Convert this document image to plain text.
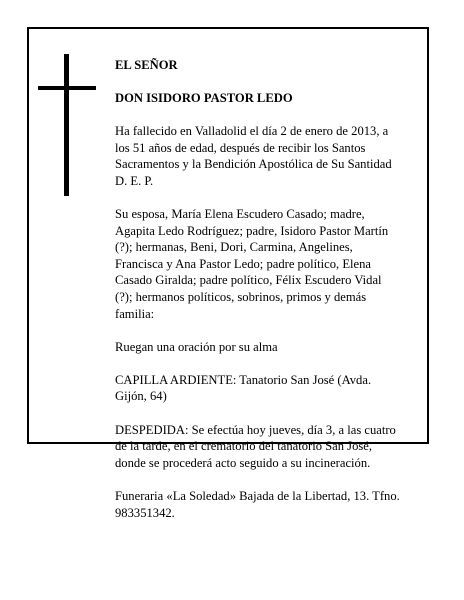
EL SEÑOR

DON ISIDORO PASTOR LEDO

Ha fallecido en Valladolid el día 2 de enero de 2013, a
los 51 años de edad, después de recibir los Santos
Sacramentos y la Bendición Apostólica de Su Santidad
D. E. P.

Su esposa, María Elena Escudero Casado; madre,
Agapita Ledo Rodríguez; padre, Isidoro Pastor Martín
(?); hermanas, Beni, Dori, Carmina, Angelines,
Francisca y Ana Pastor Ledo; padre político, Elena
Casado Giralda; padre político, Félix Escudero Vidal
(?); hermanos políticos, sobrinos, primos y demás
familia:

Ruegan una oración por su alma

CAPILLA ARDIENTE: Tanatorio San José (Avda.
Gijón, 64)

DESPEDIDA: Se efectúa hoy jueves, día 3, a las cuatro
de la tarde, en el crematorio del tanatorio San José,
donde se procederá acto seguido a su incineración.

Funeraria «La Soledad» Bajada de la Libertad, 13. Tfno.
983351342.
